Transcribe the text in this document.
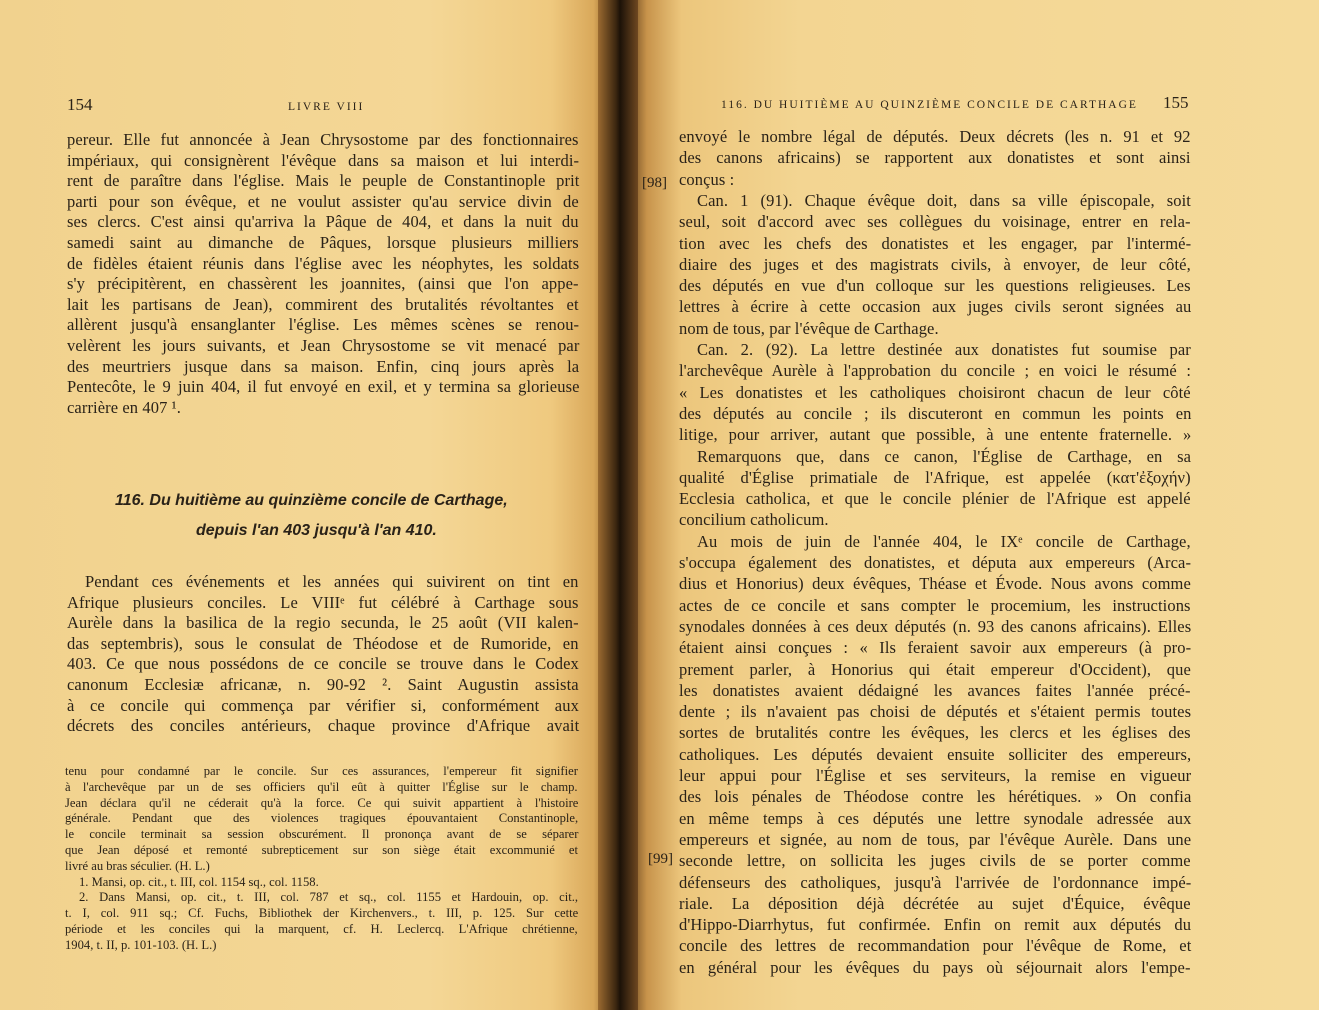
154	LIVRE VIII
pereur. Elle fut annoncée à Jean Chrysostome par des fonctionnaires
impériaux, qui consignèrent l'évêque dans sa maison et lui interdi-
rent de paraître dans l'église. Mais le peuple de Constantinople prit
parti pour son évêque, et ne voulut assister qu'au service divin de
ses clercs. C'est ainsi qu'arriva la Pâque de 404, et dans la nuit du
samedi saint au dimanche de Pâques, lorsque plusieurs milliers
de fidèles étaient réunis dans l'église avec les néophytes, les soldats
s'y précipitèrent, en chassèrent les joannites, (ainsi que l'on appe-
lait les partisans de Jean), commirent des brutalités révoltantes et
allèrent jusqu'à ensanglanter l'église. Les mêmes scènes se renou-
velèrent les jours suivants, et Jean Chrysostome se vit menacé par
des meurtriers jusque dans sa maison. Enfin, cinq jours après la
Pentecôte, le 9 juin 404, il fut envoyé en exil, et y termina sa glorieuse
carrière en 407 ¹.
116. Du huitième au quinzième concile de Carthage,
depuis l'an 403 jusqu'à l'an 410.
Pendant ces événements et les années qui suivirent on tint en
Afrique plusieurs conciles. Le VIIIᵉ fut célébré à Carthage sous
Aurèle dans la basilica de la regio secunda, le 25 août (VII kalen-
das septembris), sous le consulat de Théodose et de Rumoride, en
403. Ce que nous possédons de ce concile se trouve dans le Codex
canonum Ecclesiæ africanæ, n. 90-92 ². Saint Augustin assista
à ce concile qui commença par vérifier si, conformément aux
décrets des conciles antérieurs, chaque province d'Afrique avait
tenu pour condamné par le concile. Sur ces assurances, l'empereur fit signifier
à l'archevêque par un de ses officiers qu'il eût à quitter l'Église sur le champ.
Jean déclara qu'il ne céderait qu'à la force. Ce qui suivit appartient à l'histoire
générale. Pendant que des violences tragiques épouvantaient Constantinople,
le concile terminait sa session obscurément. Il prononça avant de se séparer
que Jean déposé et remonté subrepticement sur son siège était excommunié et
livré au bras séculier. (H. L.)
1. Mansi, op. cit., t. III, col. 1154 sq., col. 1158.
2. Dans Mansi, op. cit., t. III, col. 787 et sq., col. 1155 et Hardouin, op. cit.,
t. I, col. 911 sq.; Cf. Fuchs, Bibliothek der Kirchenvers., t. III, p. 125. Sur cette
période et les conciles qui la marquent, cf. H. Leclercq. L'Afrique chrétienne,
1904, t. II, p. 101-103. (H. L.)
116. DU HUITIÈME AU QUINZIÈME CONCILE DE CARTHAGE 155
[98]
[99]
envoyé le nombre légal de députés. Deux décrets (les n. 91 et 92
des canons africains) se rapportent aux donatistes et sont ainsi
conçus :
Can. 1 (91). Chaque évêque doit, dans sa ville épiscopale, soit
seul, soit d'accord avec ses collègues du voisinage, entrer en rela-
tion avec les chefs des donatistes et les engager, par l'intermé-
diaire des juges et des magistrats civils, à envoyer, de leur côté,
des députés en vue d'un colloque sur les questions religieuses. Les
lettres à écrire à cette occasion aux juges civils seront signées au
nom de tous, par l'évêque de Carthage.
Can. 2. (92). La lettre destinée aux donatistes fut soumise par
l'archevêque Aurèle à l'approbation du concile ; en voici le résumé :
« Les donatistes et les catholiques choisiront chacun de leur côté
des députés au concile ; ils discuteront en commun les points en
litige, pour arriver, autant que possible, à une entente fraternelle. »
Remarquons que, dans ce canon, l'Église de Carthage, en sa
qualité d'Église primatiale de l'Afrique, est appelée (κατ'ἐξοχήν)
Ecclesia catholica, et que le concile plénier de l'Afrique est appelé
concilium catholicum.
Au mois de juin de l'année 404, le IXᵉ concile de Carthage,
s'occupa également des donatistes, et députa aux empereurs (Arca-
dius et Honorius) deux évêques, Théase et Évode. Nous avons comme
actes de ce concile et sans compter le procemium, les instructions
synodales données à ces deux députés (n. 93 des canons africains). Elles
étaient ainsi conçues : « Ils feraient savoir aux empereurs (à pro-
prement parler, à Honorius qui était empereur d'Occident), que
les donatistes avaient dédaigné les avances faites l'année précé-
dente ; ils n'avaient pas choisi de députés et s'étaient permis toutes
sortes de brutalités contre les évêques, les clercs et les églises des
catholiques. Les députés devaient ensuite solliciter des empereurs,
leur appui pour l'Église et ses serviteurs, la remise en vigueur
des lois pénales de Théodose contre les hérétiques. » On confia
en même temps à ces députés une lettre synodale adressée aux
empereurs et signée, au nom de tous, par l'évêque Aurèle. Dans une
seconde lettre, on sollicita les juges civils de se porter comme
défenseurs des catholiques, jusqu'à l'arrivée de l'ordonnance impé-
riale. La déposition déjà décrétée au sujet d'Équice, évêque
d'Hippo-Diarrhytus, fut confirmée. Enfin on remit aux députés du
concile des lettres de recommandation pour l'évêque de Rome, et
en général pour les évêques du pays où séjournait alors l'empe-
